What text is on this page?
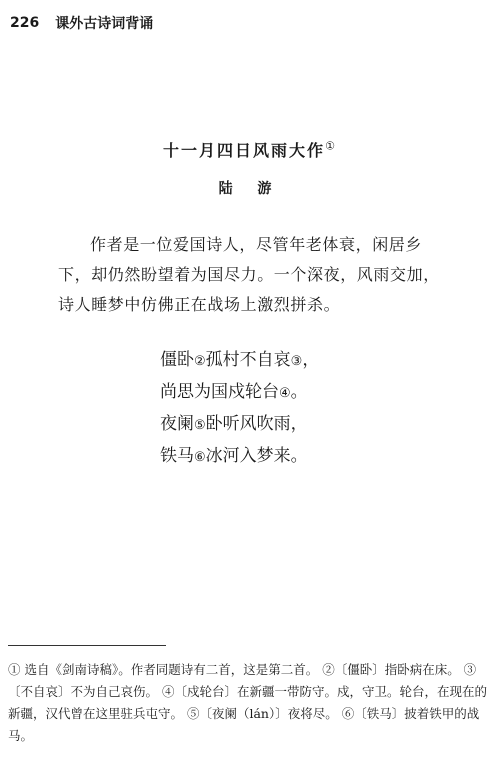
226 课外古诗词背诵
十一月四日风雨大作①
陆 游

作者是一位爱国诗人，尽管年老体衰，闲居乡下，却仍然盼望着为国尽力。一个深夜，风雨交加，诗人睡梦中仿佛正在战场上激烈拼杀。

僵卧②孤村不自哀③，
尚思为国戍轮台④。
夜阑⑤卧听风吹雨，
铁马⑥冰河入梦来。

① 选自《剑南诗稿》。作者同题诗有二首，这是第二首。 ②〔僵卧〕指卧病在床。 ③〔不自哀〕不为自己哀伤。 ④〔戍轮台〕在新疆一带防守。戍，守卫。轮台，在现在的新疆，汉代曾在这里驻兵屯守。 ⑤〔夜阑（lán）〕夜将尽。 ⑥〔铁马〕披着铁甲的战马。
